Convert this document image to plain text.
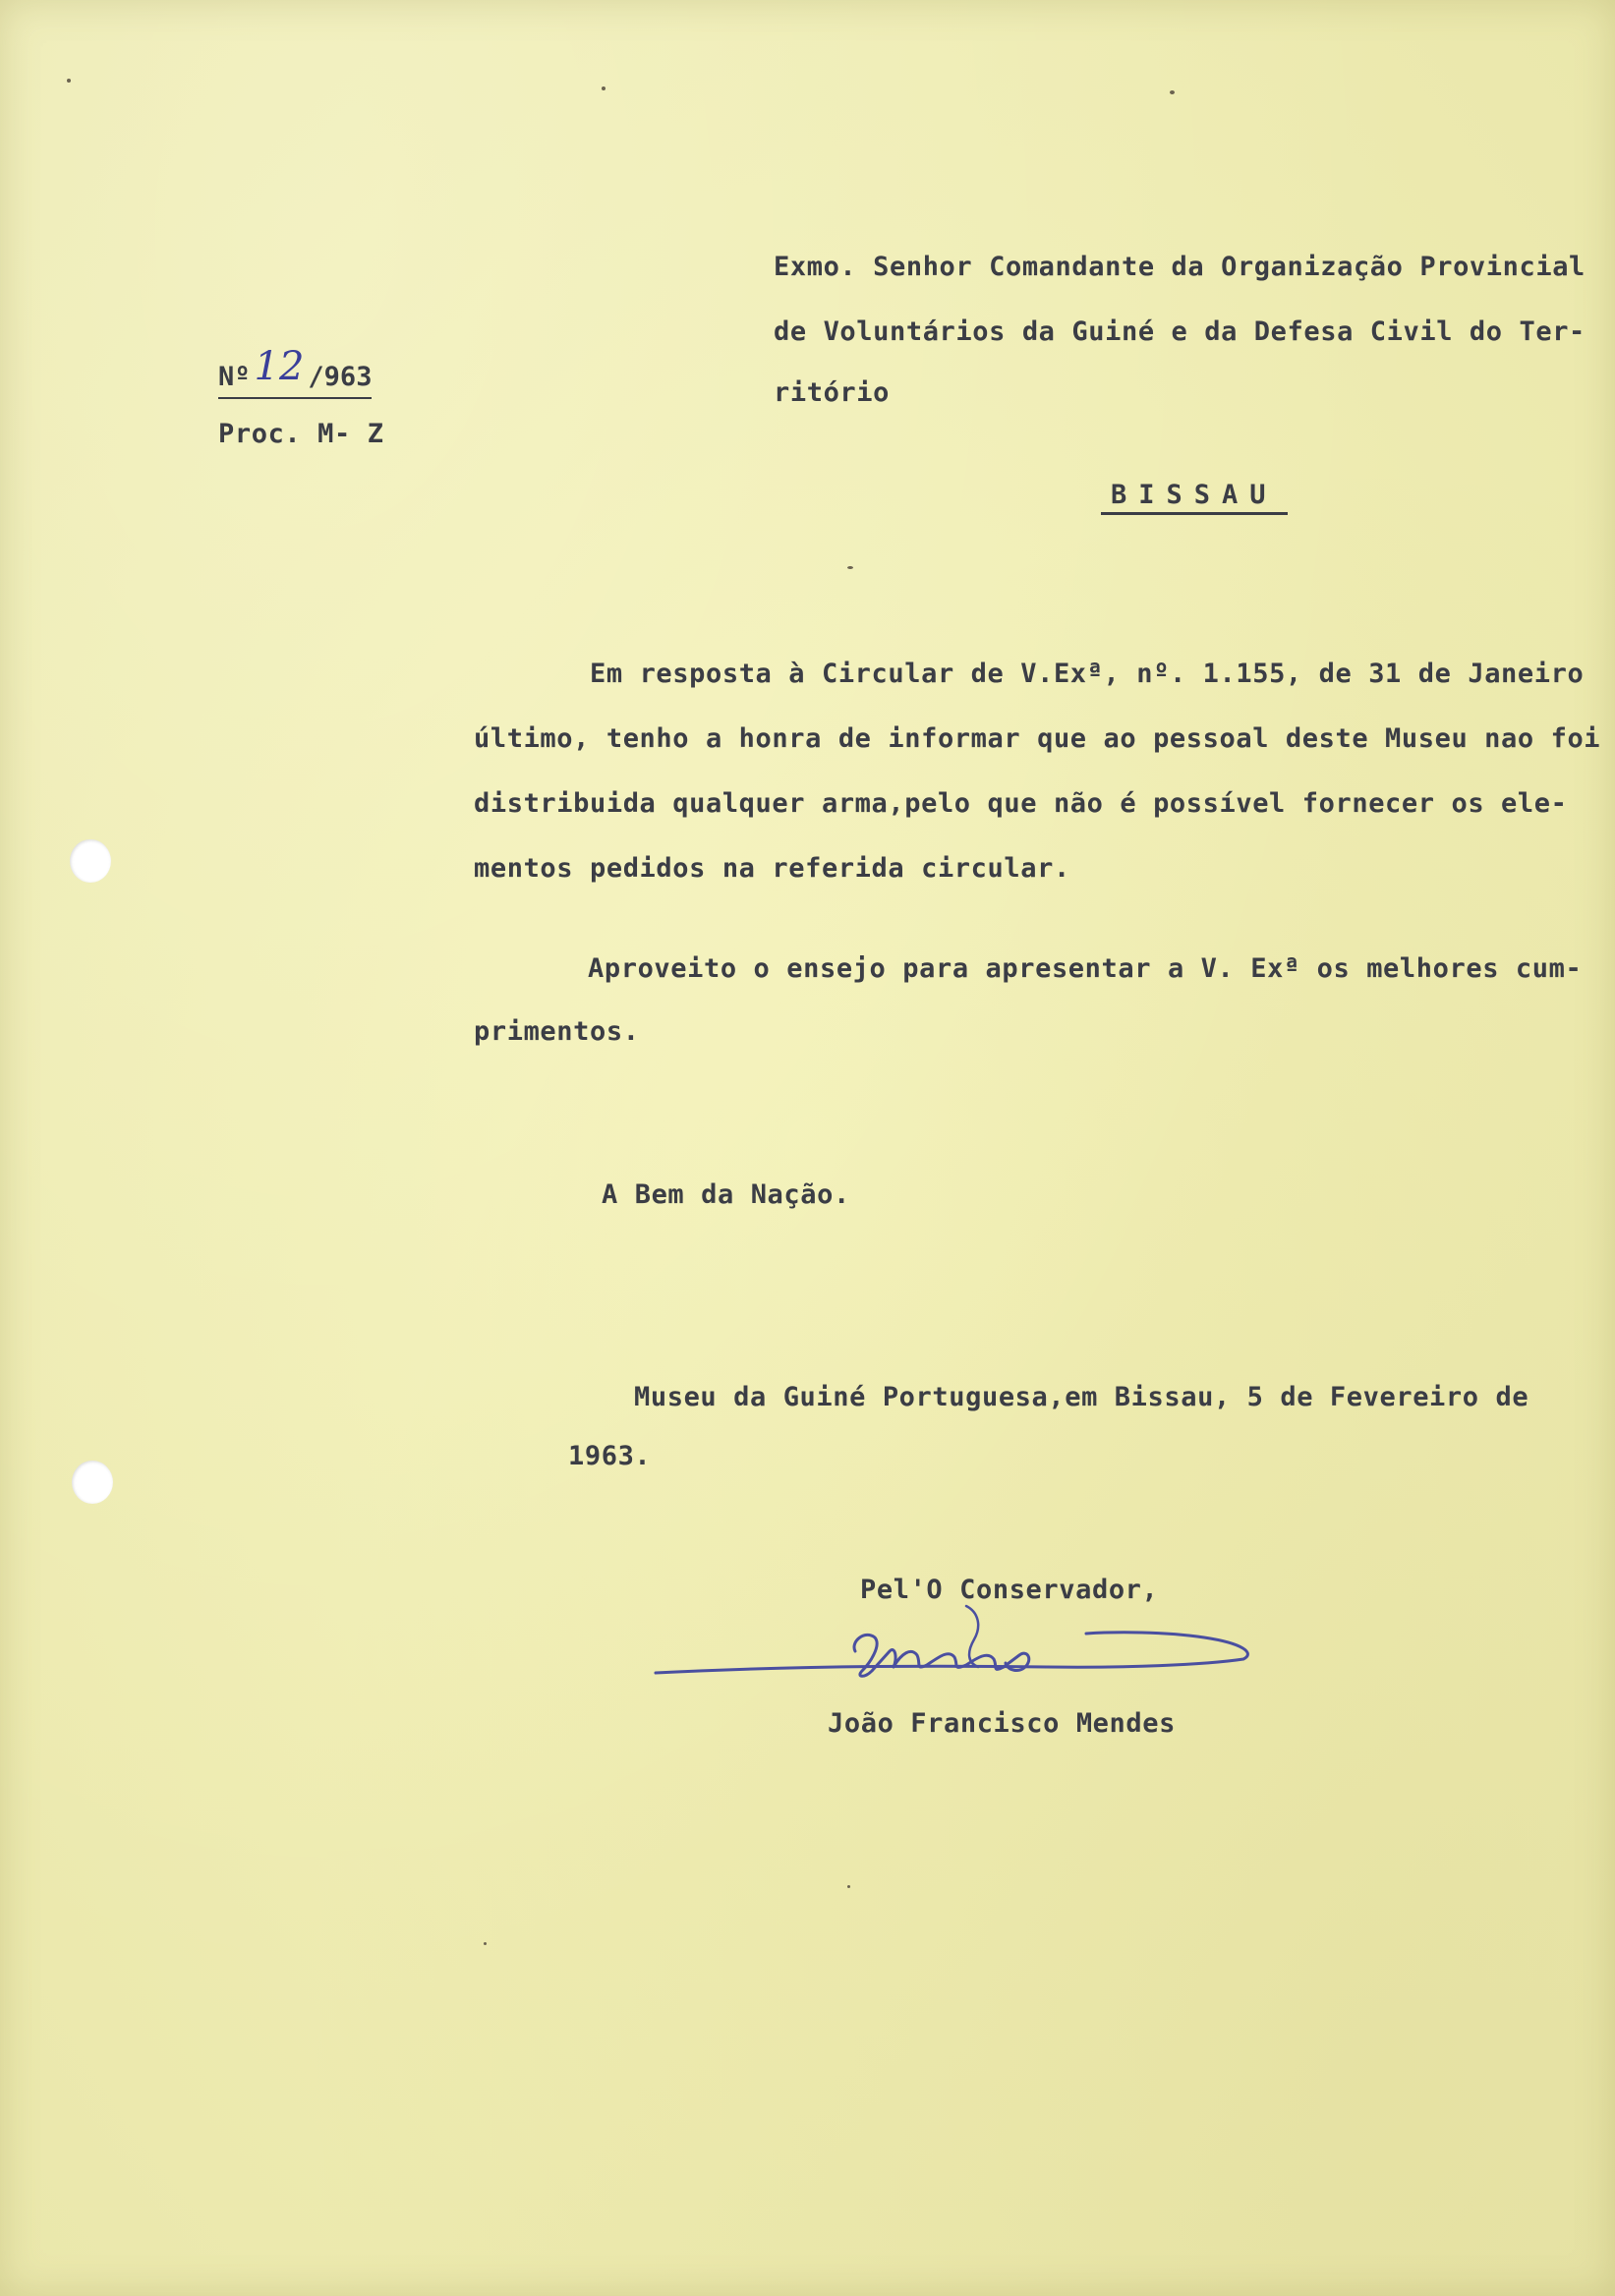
Exmo. Senhor Comandante da Organização Provincial
de Voluntários da Guiné e da Defesa Civil do Ter-
ritório
Nº 12 /963
Proc. M- Z
BISSAU
Em resposta à Circular de V.Exª, nº. 1.155, de 31 de Janeiro
último, tenho a honra de informar que ao pessoal deste Museu nao foi
distribuida qualquer arma,pelo que não é possível fornecer os ele-
mentos pedidos na referida circular.
Aproveito o ensejo para apresentar a V. Exª os melhores cum-
primentos.
A Bem da Nação.
Museu da Guiné Portuguesa,em Bissau, 5 de Fevereiro de
1963.
Pel'O Conservador,
João Francisco Mendes
